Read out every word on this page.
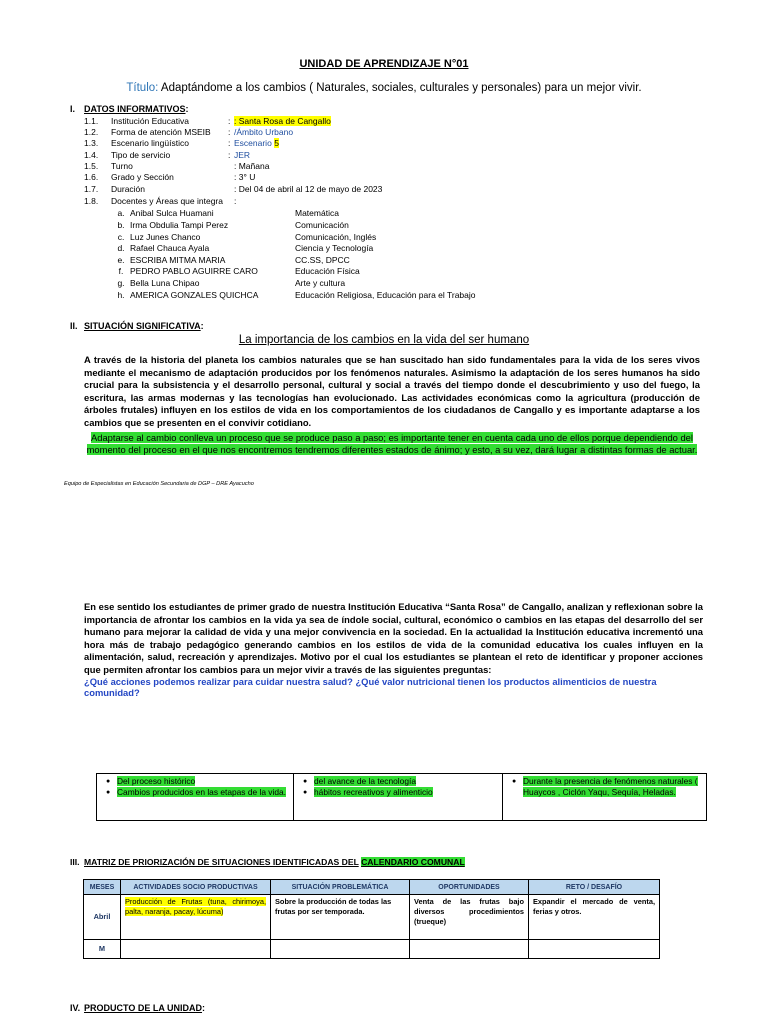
UNIDAD DE APRENDIZAJE N°01
Título: Adaptándome a los cambios ( Naturales, sociales, culturales y personales) para un mejor vivir.
I. DATOS INFORMATIVOS:
1.1. Institución Educativa	: : Santa Rosa de Cangallo
1.2. Forma de atención MSEIB : /Ámbito Urbano
1.3. Escenario lingüístico	: Escenario 5
1.4. Tipo de servicio	: JER
1.5. Turno	: Mañana
1.6. Grado y Sección	: 3° U
1.7. Duración	: Del 04 de abril al 12 de mayo de 2023
1.8. Docentes y Áreas que integra :
a. Anibal Sulca Huamani	Matemática
b. Irma Obdulia Tampi Perez	Comunicación
c. Luz Junes Chanco	Comunicación, Inglés
d. Rafael Chauca Ayala	Ciencia y Tecnología
e. ESCRIBA MITMA MARIA	CC.SS, DPCC
f. PEDRO PABLO AGUIRRE CARO	Educación Física
g. Bella Luna Chipao	Arte y cultura
h. AMERICA GONZALES QUICHCA	Educación Religiosa, Educación para el Trabajo
II. SITUACIÓN SIGNIFICATIVA:
La importancia de los cambios en la vida del ser humano
A través de la historia del planeta los cambios naturales que se han suscitado han sido fundamentales para la vida de los seres vivos mediante el mecanismo de adaptación producidos por los fenómenos naturales. Asimismo la adaptación de los seres humanos ha sido crucial para la subsistencia y el desarrollo personal, cultural y social a través del tiempo donde el descubrimiento y uso del fuego, la escritura, las armas modernas y las tecnologías han evolucionado. Las actividades económicas como la agricultura (producción de árboles frutales) influyen en los estilos de vida en los comportamientos de los ciudadanos de Cangallo y es importante adaptarse a los cambios que se presenten en el convivir cotidiano.
Adaptarse al cambio conlleva un proceso que se produce paso a paso; es importante tener en cuenta cada uno de ellos porque dependiendo del momento del proceso en el que nos encontremos tendremos diferentes estados de ánimo; y esto, a su vez, dará lugar a distintas formas de actuar.
Equipo de Especialistas en Educación Secundaria de DGP – DRE Ayacucho
En ese sentido los estudiantes de primer grado de nuestra Institución Educativa “Santa Rosa” de Cangallo, analizan y reflexionan sobre la importancia de afrontar los cambios en la vida ya sea de índole social, cultural, económico o cambios en las etapas del desarrollo del ser humano para mejorar la calidad de vida y una mejor convivencia en la sociedad. En la actualidad la Institución educativa incrementó una hora más de trabajo pedagógico generando cambios en los estilos de vida de la comunidad educativa los cuales influyen en la alimentación, salud, recreación y aprendizajes. Motivo por el cual los estudiantes se plantean el reto de identificar y proponer acciones que permiten afrontar los cambios para un mejor vivir a través de las siguientes preguntas:
¿Qué acciones podemos realizar para cuidar nuestra salud? ¿Qué valor nutricional tienen los productos alimenticios de nuestra comunidad?
● Del proceso histórico
● Cambios producidos en las etapas de la vida.

● del avance de la tecnología
● hábitos recreativos y alimenticio

● Durante la presencia de fenómenos naturales ( Huaycos , Ciclón Yaqu, Sequía, Heladas.
III. MATRIZ DE PRIORIZACIÓN DE SITUACIONES IDENTIFICADAS DEL CALENDARIO COMUNAL
MESES	ACTIVIDADES SOCIO PRODUCTIVAS	SITUACIÓN PROBLEMÁTICA	OPORTUNIDADES	RETO / DESAFÍO
Abril	Producción de Frutas (tuna, chirimoya, palta, naranja, pacay, lúcuma)	Sobre la producción de todas las frutas por ser temporada.	Venta de las frutas bajo diversos procedimientos (trueque)	Expandir el mercado de venta, ferias y otros.
M				
IV. PRODUCTO DE LA UNIDAD:
